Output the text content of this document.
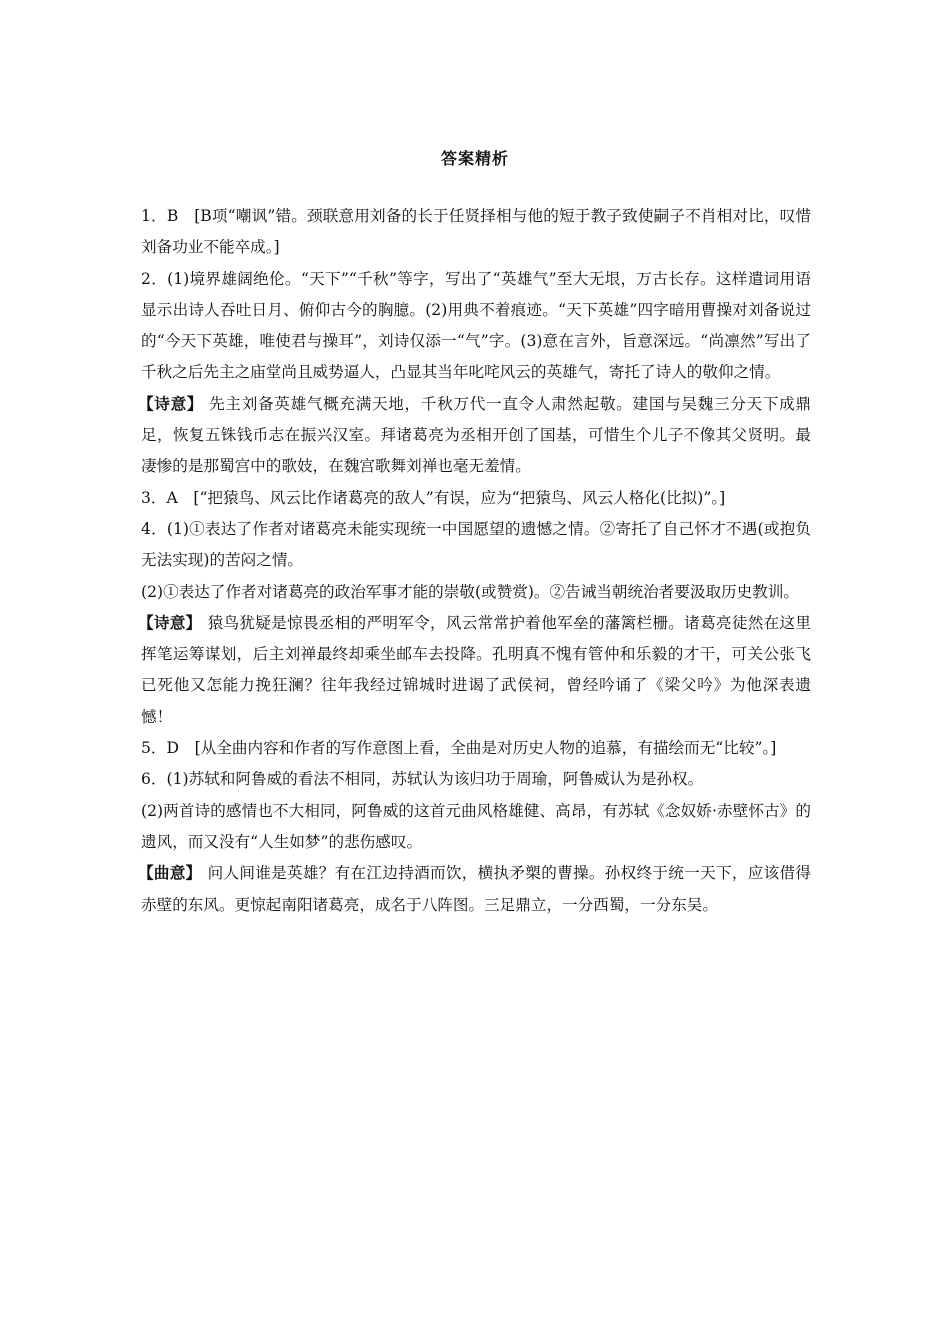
答案精析

1．B　[B项“嘲讽”错。颈联意用刘备的长于任贤择相与他的短于教子致使嗣子不肖相对比，叹惜刘备功业不能卒成。]

2．(1)境界雄阔绝伦。“天下”“千秋”等字，写出了“英雄气”至大无垠，万古长存。这样遣词用语显示出诗人吞吐日月、俯仰古今的胸臆。(2)用典不着痕迹。“天下英雄”四字暗用曹操对刘备说过的“今天下英雄，唯使君与操耳”，刘诗仅添一“气”字。(3)意在言外，旨意深远。“尚凛然”写出了千秋之后先主之庙堂尚且威势逼人，凸显其当年叱咤风云的英雄气，寄托了诗人的敬仰之情。

【诗意】 先主刘备英雄气概充满天地，千秋万代一直令人肃然起敬。建国与吴魏三分天下成鼎足，恢复五铢钱币志在振兴汉室。拜诸葛亮为丞相开创了国基，可惜生个儿子不像其父贤明。最凄惨的是那蜀宫中的歌妓，在魏宫歌舞刘禅也毫无羞情。

3．A　[“把猿鸟、风云比作诸葛亮的敌人”有误，应为“把猿鸟、风云人格化(比拟)”。]

4．(1)①表达了作者对诸葛亮未能实现统一中国愿望的遗憾之情。②寄托了自己怀才不遇(或抱负无法实现)的苦闷之情。

(2)①表达了作者对诸葛亮的政治军事才能的崇敬(或赞赏)。②告诫当朝统治者要汲取历史教训。

【诗意】 猿鸟犹疑是惊畏丞相的严明军令，风云常常护着他军垒的藩篱栏栅。诸葛亮徒然在这里挥笔运筹谋划，后主刘禅最终却乘坐邮车去投降。孔明真不愧有管仲和乐毅的才干，可关公张飞已死他又怎能力挽狂澜？往年我经过锦城时进谒了武侯祠，曾经吟诵了《梁父吟》为他深表遗憾！

5．D　[从全曲内容和作者的写作意图上看，全曲是对历史人物的追慕，有描绘而无“比较”。]

6．(1)苏轼和阿鲁威的看法不相同，苏轼认为该归功于周瑜，阿鲁威认为是孙权。

(2)两首诗的感情也不大相同，阿鲁威的这首元曲风格雄健、高昂，有苏轼《念奴娇·赤壁怀古》的遗风，而又没有“人生如梦”的悲伤感叹。

【曲意】 问人间谁是英雄？有在江边持酒而饮，横执矛槊的曹操。孙权终于统一天下，应该借得赤壁的东风。更惊起南阳诸葛亮，成名于八阵图。三足鼎立，一分西蜀，一分东吴。
